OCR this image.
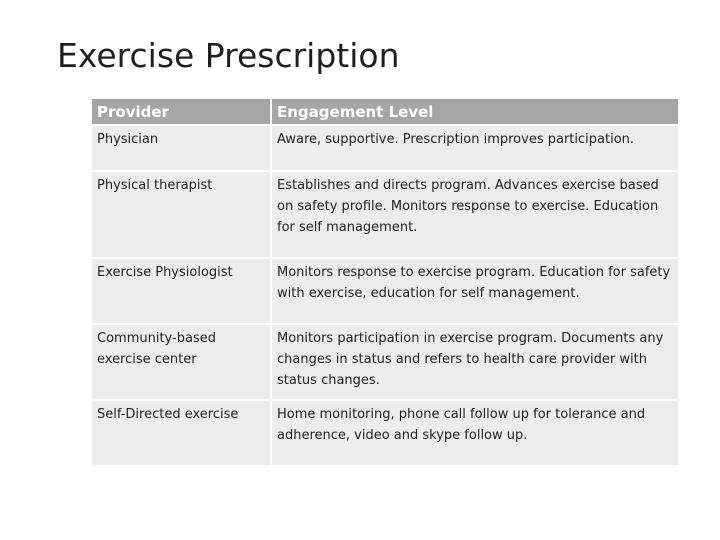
Exercise Prescription
Provider	Engagement Level

Physician	Aware, supportive. Prescription improves participation.

Physical therapist	Establishes and directs program. Advances exercise based on safety profile. Monitors response to exercise. Education for self management.

Exercise Physiologist	Monitors response to exercise program. Education for safety with exercise, education for self management.

Community-based exercise center	Monitors participation in exercise program. Documents any changes in status and refers to health care provider with status changes.

Self-Directed exercise	Home monitoring, phone call follow up for tolerance and adherence, video and skype follow up.
